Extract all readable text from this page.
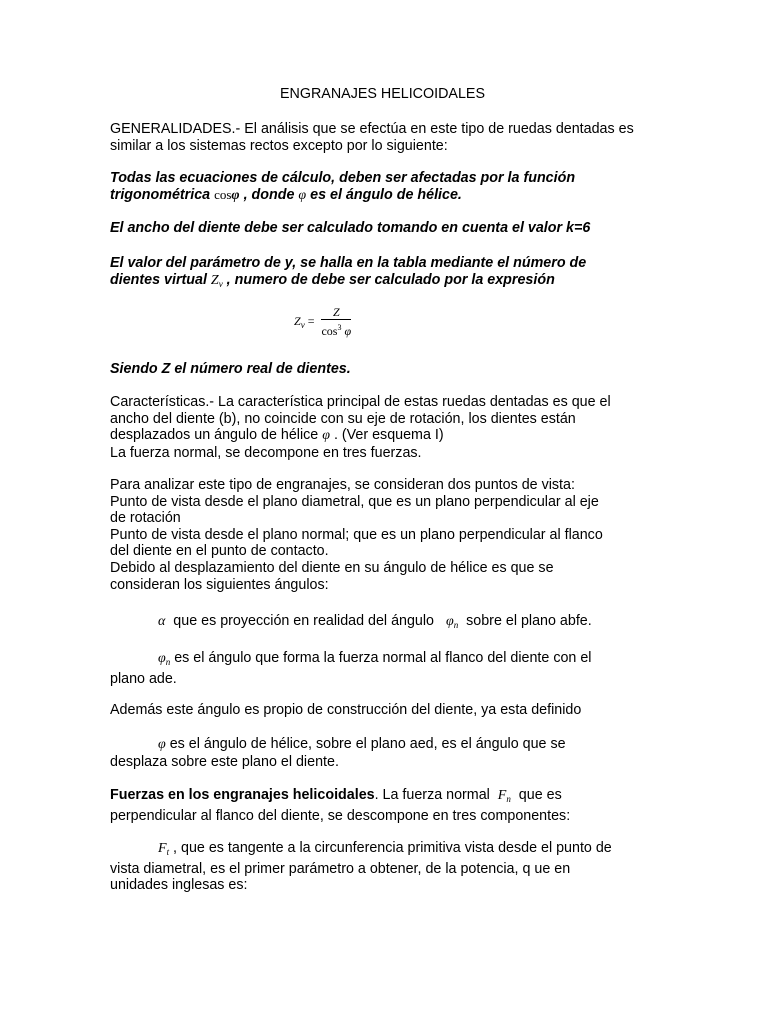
ENGRANAJES HELICOIDALES
GENERALIDADES.- El análisis que se efectúa en este tipo de ruedas dentadas es similar a los sistemas rectos excepto por lo siguiente:
Todas las ecuaciones de cálculo, deben ser afectadas por la función trigonométrica cosφ , donde φ es el ángulo de hélice.
El ancho del diente debe ser calculado tomando en cuenta el valor k=6
El valor del parámetro de y, se halla en la tabla mediante el número de dientes virtual $Z_v$ , numero de debe ser calculado por la expresión
$Z_v = \frac{Z}{\cos^3 \varphi}$
Siendo Z el número real de dientes.
Características.- La característica principal de estas ruedas dentadas es que el
ancho del diente (b), no coincide con su eje de rotación, los dientes están
desplazados un ángulo de hélice φ . (Ver esquema I)
La fuerza normal, se decompone en tres fuerzas.
Para analizar este tipo de engranajes, se consideran dos puntos de vista:
Punto de vista desde el plano diametral, que es un plano perpendicular al eje
de rotación
Punto de vista desde el plano normal; que es un plano perpendicular al flanco
del diente en el punto de contacto.
Debido al desplazamiento del diente en su ángulo de hélice es que se
consideran los siguientes ángulos:
α  que es proyección en realidad del ángulo   $\varphi_n$  sobre el plano abfe.
$\varphi_n$ es el ángulo que forma la fuerza normal al flanco del diente con el
plano ade.
Además este ángulo es propio de construcción del diente, ya esta definido
φ es el ángulo de hélice, sobre el plano aed, es el ángulo que se
desplaza sobre este plano el diente.
Fuerzas en los engranajes helicoidales. La fuerza normal  $F_n$  que es
perpendicular al flanco del diente, se descompone en tres componentes:
$F_t$ , que es tangente a la circunferencia primitiva vista desde el punto de
vista diametral, es el primer parámetro a obtener, de la potencia, q ue en
unidades inglesas es:
